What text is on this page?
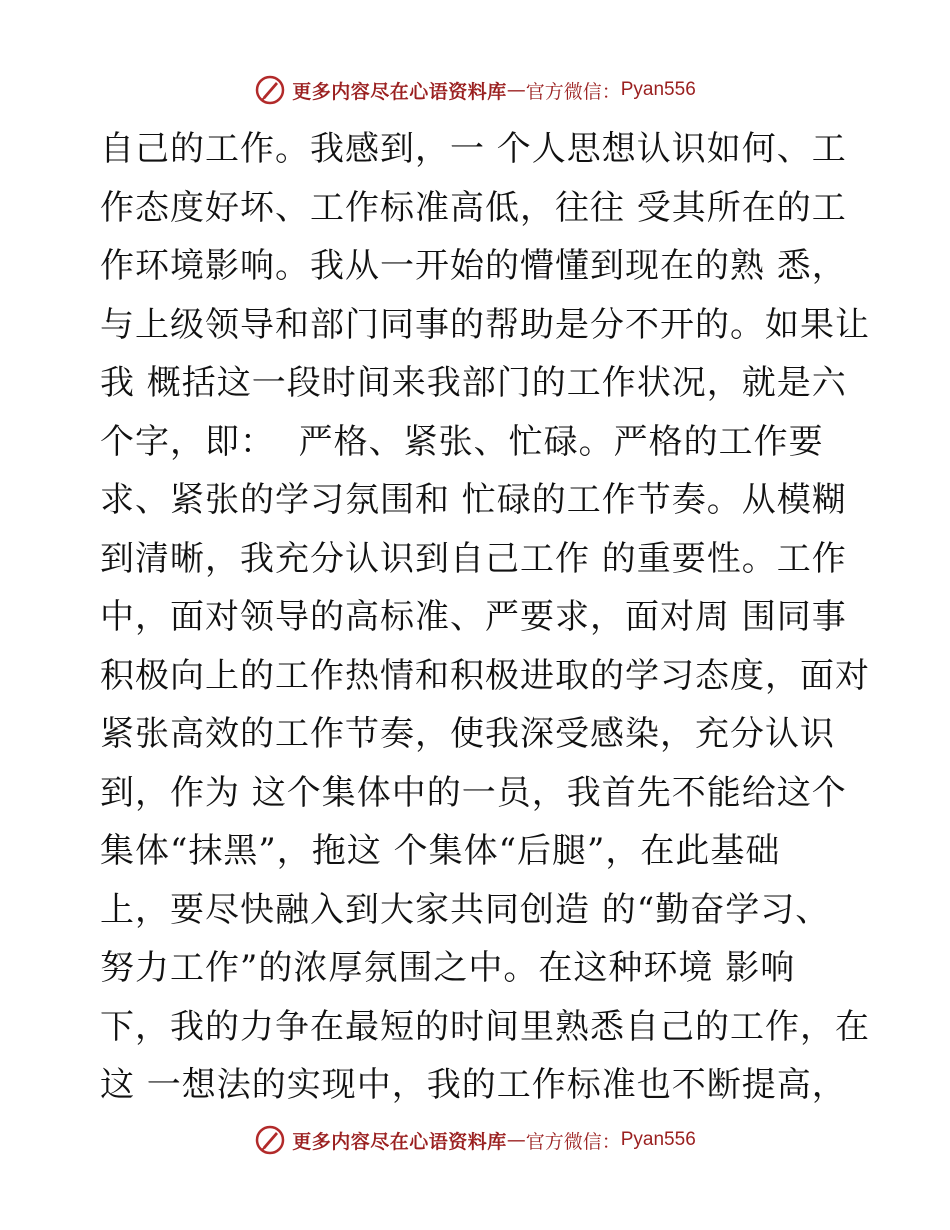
更多内容尽在心语资料库 — 官方微信： Pyan556
自己的工作。我感到，一 个人思想认识如何、工
作态度好坏、工作标准高低，往往 受其所在的工
作环境影响。我从一开始的懵懂到现在的熟 悉，
与上级领导和部门同事的帮助是分不开的。如果让
我 概括这一段时间来我部门的工作状况，就是六
个字，即：  严格、紧张、忙碌。严格的工作要
求、紧张的学习氛围和 忙碌的工作节奏。从模糊
到清晰，我充分认识到自己工作 的重要性。工作
中，面对领导的高标准、严要求，面对周 围同事
积极向上的工作热情和积极进取的学习态度，面对
紧张高效的工作节奏，使我深受感染，充分认识
到，作为 这个集体中的一员，我首先不能给这个
集体“抹黑”，拖这 个集体“后腿”，在此基础
上，要尽快融入到大家共同创造 的“勤奋学习、
努力工作”的浓厚氛围之中。在这种环境 影响
下，我的力争在最短的时间里熟悉自己的工作，在
这 一想法的实现中，我的工作标准也不断提高，
更多内容尽在心语资料库 — 官方微信： Pyan556
